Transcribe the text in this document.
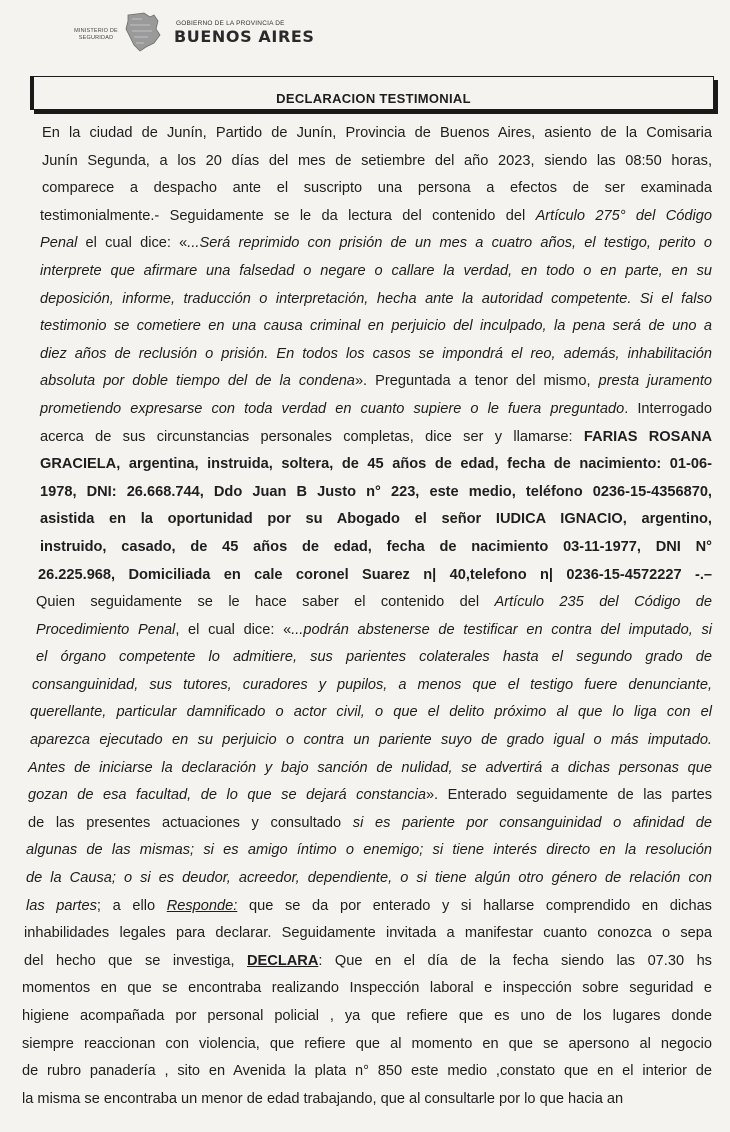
MINISTERIO DE SEGURIDAD
GOBIERNO DE LA PROVINCIA DE
BUENOS AIRES
DECLARACION TESTIMONIAL
En la ciudad de Junín, Partido de Junín, Provincia de Buenos Aires, asiento de la Comisaria
Junín Segunda, a los 20 días del mes de setiembre del año 2023, siendo las 08:50 horas,
comparece a despacho ante el suscripto una persona a efectos de ser examinada
testimonialmente.- Seguidamente se le da lectura del contenido del Artículo 275° del Código
Penal el cual dice: «...Será reprimido con prisión de un mes a cuatro años, el testigo, perito o
interprete que afirmare una falsedad o negare o callare la verdad, en todo o en parte, en su
deposición, informe, traducción o interpretación, hecha ante la autoridad competente. Si el falso
testimonio se cometiere en una causa criminal en perjuicio del inculpado, la pena será de uno a
diez años de reclusión o prisión. En todos los casos se impondrá el reo, además, inhabilitación
absoluta por doble tiempo del de la condena». Preguntada a tenor del mismo, presta juramento
prometiendo expresarse con toda verdad en cuanto supiere o le fuera preguntado. Interrogado
acerca de sus circunstancias personales completas, dice ser y llamarse: FARIAS ROSANA
GRACIELA, argentina, instruida, soltera, de 45 años de edad, fecha de nacimiento: 01-06-
1978, DNI: 26.668.744, Ddo Juan B Justo n° 223, este medio, teléfono 0236-15-4356870,
asistida en la oportunidad por su Abogado el señor IUDICA IGNACIO, argentino,
instruido, casado, de 45 años de edad, fecha de nacimiento 03-11-1977, DNI N°
26.225.968, Domiciliada en cale coronel Suarez n| 40,telefono n| 0236-15-4572227 -.–
Quien seguidamente se le hace saber el contenido del Artículo 235 del Código de
Procedimiento Penal, el cual dice: «...podrán abstenerse de testificar en contra del imputado, si
el órgano competente lo admitiere, sus parientes colaterales hasta el segundo grado de
consanguinidad, sus tutores, curadores y pupilos, a menos que el testigo fuere denunciante,
querellante, particular damnificado o actor civil, o que el delito próximo al que lo liga con el
aparezca ejecutado en su perjuicio o contra un pariente suyo de grado igual o más imputado.
Antes de iniciarse la declaración y bajo sanción de nulidad, se advertirá a dichas personas que
gozan de esa facultad, de lo que se dejará constancia». Enterado seguidamente de las partes
de las presentes actuaciones y consultado si es pariente por consanguinidad o afinidad de
algunas de las mismas; si es amigo íntimo o enemigo; si tiene interés directo en la resolución
de la Causa; o si es deudor, acreedor, dependiente, o si tiene algún otro género de relación con
las partes; a ello Responde: que se da por enterado y si hallarse comprendido en dichas
inhabilidades legales para declarar. Seguidamente invitada a manifestar cuanto conozca o sepa
del hecho que se investiga, DECLARA: Que en el día de la fecha siendo las 07.30 hs
momentos en que se encontraba realizando Inspección laboral e inspección sobre seguridad e
higiene acompañada por personal policial , ya que refiere que es uno de los lugares donde
siempre reaccionan con violencia, que refiere que al momento en que se apersono al negocio
de rubro panadería , sito en Avenida la plata n° 850 este medio ,constato que en el interior de
la misma se encontraba un menor de edad trabajando, que al consultarle por lo que hacia an
